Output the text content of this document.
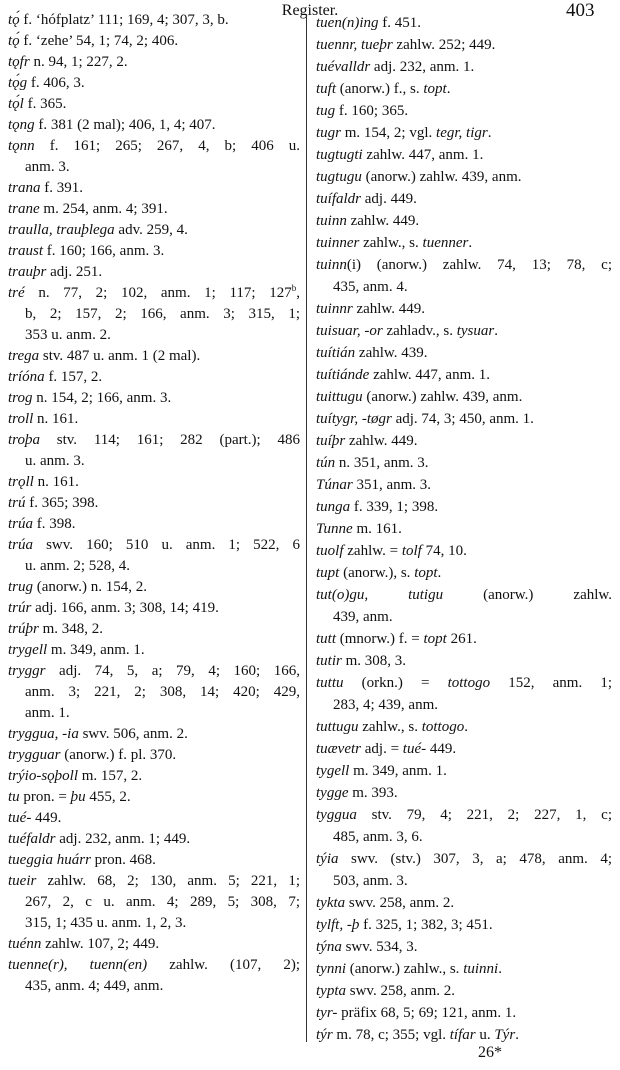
Register.	403
tǫ́ f. ‘hófplatz’ 111; 169, 4; 307, 3, b.
tǫ́ f. ‘zehe’ 54, 1; 74, 2; 406.
tǫfr n. 94, 1; 227, 2.
tǫ́g f. 406, 3.
tǫ́l f. 365.
tǫng f. 381 (2 mal); 406, 1, 4; 407.
tǫnn f. 161; 265; 267, 4, b; 406 u.
anm. 3.
trana f. 391.
trane m. 254, anm. 4; 391.
traulla, trauþlega adv. 259, 4.
traust f. 160; 166, anm. 3.
trauþr adj. 251.
tré n. 77, 2; 102, anm. 1; 117; 127$^b$,
b, 2; 157, 2; 166, anm. 3; 315, 1;
353 u. anm. 2.
trega stv. 487 u. anm. 1 (2 mal).
tríóna f. 157, 2.
trog n. 154, 2; 166, anm. 3.
troll n. 161.
troþa stv. 114; 161; 282 (part.); 486
u. anm. 3.
trǫll n. 161.
trú f. 365; 398.
trúa f. 398.
trúa swv. 160; 510 u. anm. 1; 522, 6
u. anm. 2; 528, 4.
trug (anorw.) n. 154, 2.
trúr adj. 166, anm. 3; 308, 14; 419.
trúþr m. 348, 2.
trygell m. 349, anm. 1.
tryggr adj. 74, 5, a; 79, 4; 160; 166,
anm. 3; 221, 2; 308, 14; 420; 429,
anm. 1.
tryggua, -ia swv. 506, anm. 2.
trygguar (anorw.) f. pl. 370.
trýio-sǫþoll m. 157, 2.
tu pron. = þu 455, 2.
tué- 449.
tuéfaldr adj. 232, anm. 1; 449.
tueggia huárr pron. 468.
tueir zahlw. 68, 2; 130, anm. 5; 221, 1;
267, 2, c u. anm. 4; 289, 5; 308, 7;
315, 1; 435 u. anm. 1, 2, 3.
tuénn zahlw. 107, 2; 449.
tuenne(r), tuenn(en) zahlw. (107, 2);
435, anm. 4; 449, anm.
tuen(n)ing f. 451.
tuennr, tueþr zahlw. 252; 449.
tuévalldr adj. 232, anm. 1.
tuft (anorw.) f., s. topt.
tug f. 160; 365.
tugr m. 154, 2; vgl. tegr, tigr.
tugtugti zahlw. 447, anm. 1.
tugtugu (anorw.) zahlw. 439, anm.
tuífaldr adj. 449.
tuinn zahlw. 449.
tuinner zahlw., s. tuenner.
tuinn(i) (anorw.) zahlw. 74, 13; 78, c;
435, anm. 4.
tuinnr zahlw. 449.
tuisuar, -or zahladv., s. tysuar.
tuítián zahlw. 439.
tuítiánde zahlw. 447, anm. 1.
tuittugu (anorw.) zahlw. 439, anm.
tuítygr, -tøgr adj. 74, 3; 450, anm. 1.
tuíþr zahlw. 449.
tún n. 351, anm. 3.
Túnar 351, anm. 3.
tunga f. 339, 1; 398.
Tunne m. 161.
tuolf zahlw. = tolf 74, 10.
tupt (anorw.), s. topt.
tut(o)gu, tutigu (anorw.) zahlw.
439, anm.
tutt (mnorw.) f. = topt 261.
tutir m. 308, 3.
tuttu (orkn.) = tottogo 152, anm. 1;
283, 4; 439, anm.
tuttugu zahlw., s. tottogo.
tuævetr adj. = tué- 449.
tygell m. 349, anm. 1.
tygge m. 393.
tyggua stv. 79, 4; 221, 2; 227, 1, c;
485, anm. 3, 6.
týia swv. (stv.) 307, 3, a; 478, anm. 4;
503, anm. 3.
tykta swv. 258, anm. 2.
tylft, -þ f. 325, 1; 382, 3; 451.
týna swv. 534, 3.
tynni (anorw.) zahlw., s. tuinni.
typta swv. 258, anm. 2.
tyr- präfix 68, 5; 69; 121, anm. 1.
týr m. 78, c; 355; vgl. tífar u. Týr.
26*
